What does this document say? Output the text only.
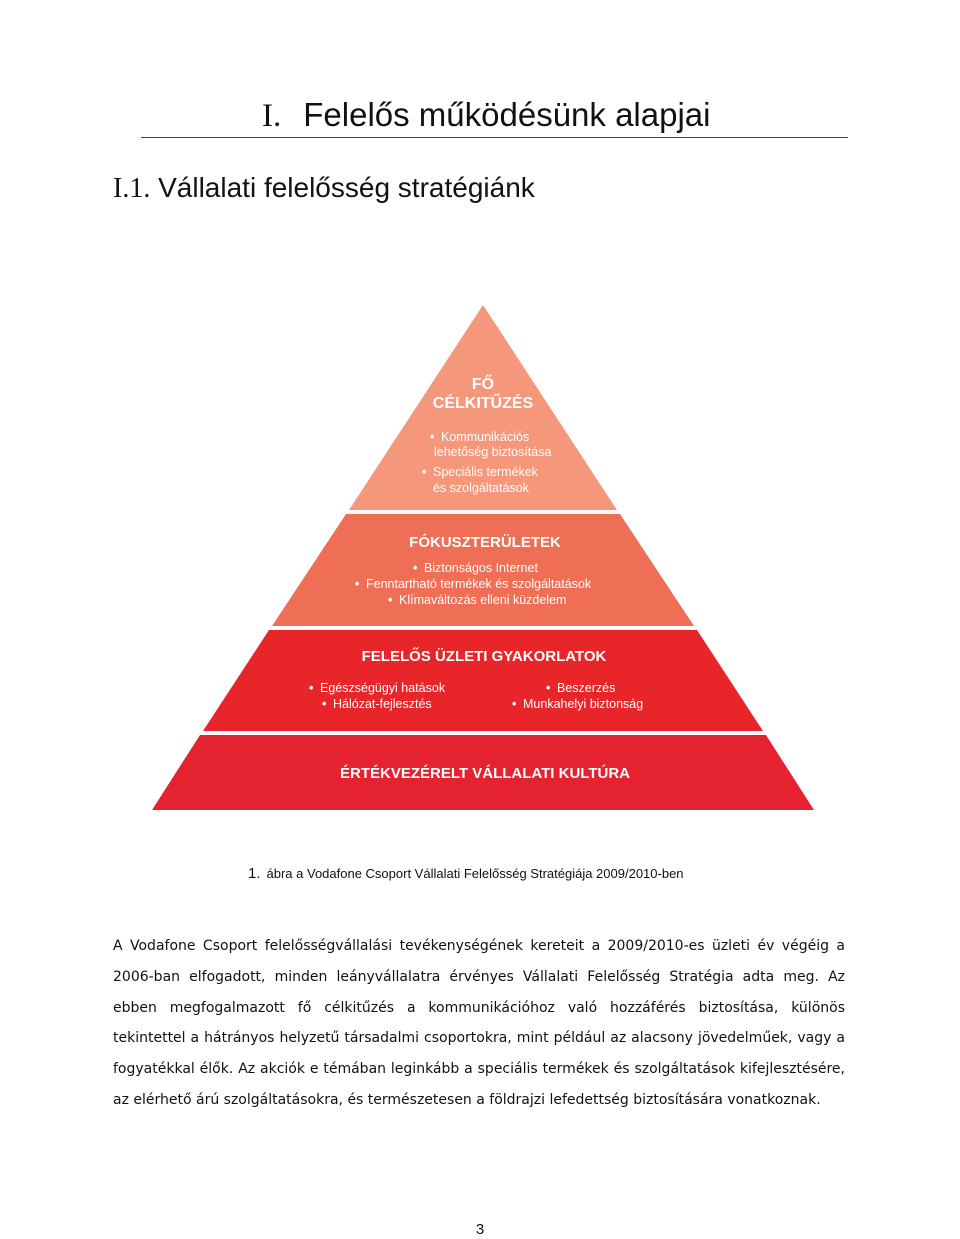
I. Felelős működésünk alapjai
I.1. Vállalati felelősség stratégiánk
FŐ
CÉLKITŰZÉS
• Kommunikációs
lehetőség biztosítása
• Speciális termékek
és szolgáltatások
FÓKUSZTERÜLETEK
• Biztonságos Internet
• Fenntartható termékek és szolgáltatások
• Klímaváltozás elleni küzdelem
FELELŐS ÜZLETI GYAKORLATOK
• Egészségügyi hatások
• Hálózat-fejlesztés
• Beszerzés
• Munkahelyi biztonság
ÉRTÉKVEZÉRELT VÁLLALATI KULTÚRA
1. ábra a Vodafone Csoport Vállalati Felelősség Stratégiája 2009/2010-ben
A Vodafone Csoport felelősségvállalási tevékenységének kereteit a 2009/2010-es üzleti év végéig a 2006-ban elfogadott, minden leányvállalatra érvényes Vállalati Felelősség Stratégia adta meg. Az ebben megfogalmazott fő célkitűzés a kommunikációhoz való hozzáférés biztosítása, különös tekintettel a hátrányos helyzetű társadalmi csoportokra, mint például az alacsony jövedelműek, vagy a fogyatékkal élők. Az akciók e témában leginkább a speciális termékek és szolgáltatások kifejlesztésére, az elérhető árú szolgáltatásokra, és természetesen a földrajzi lefedettség biztosítására vonatkoznak.
3
